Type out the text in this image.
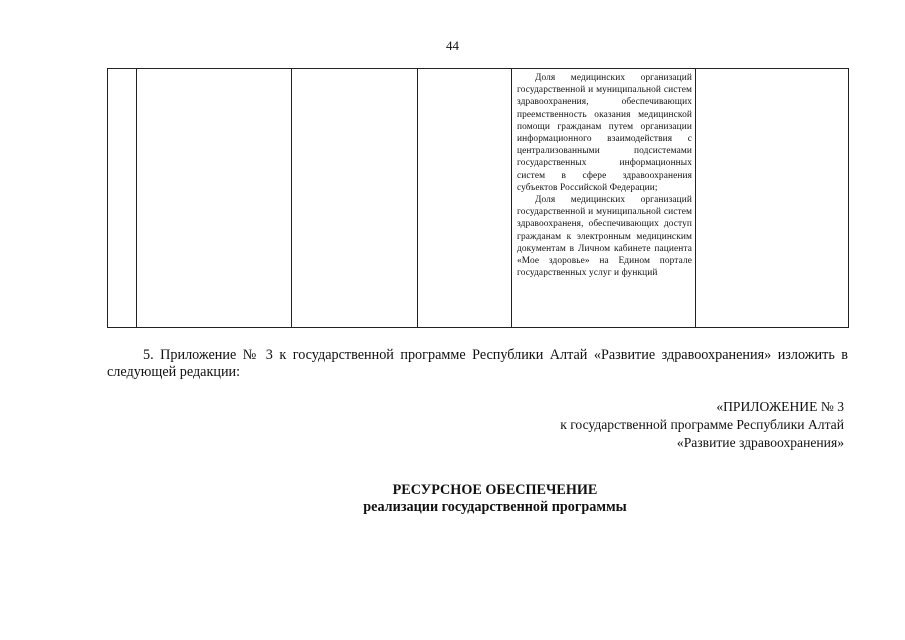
44

Доля медицинских организаций государственной и муниципальной систем здравоохранения, обеспечивающих преемственность оказания медицинской помощи гражданам путем организации информационного взаимодействия с централизованными подсистемами государственных информационных систем в сфере здравоохранения субъектов Российской Федерации;

Доля медицинских организаций государственной и муниципальной систем здравоохраненя, обеспечивающих доступ гражданам к электронным медицинским документам в Личном кабинете пациента «Мое здоровье» на Едином портале государственных услуг и функций

5. Приложение № 3 к государственной программе Республики Алтай «Развитие здравоохранения» изложить в следующей редакции:

«ПРИЛОЖЕНИЕ № 3
к государственной программе Республики Алтай
«Развитие здравоохранения»
РЕСУРСНОЕ ОБЕСПЕЧЕНИЕ
реализации государственной программы
